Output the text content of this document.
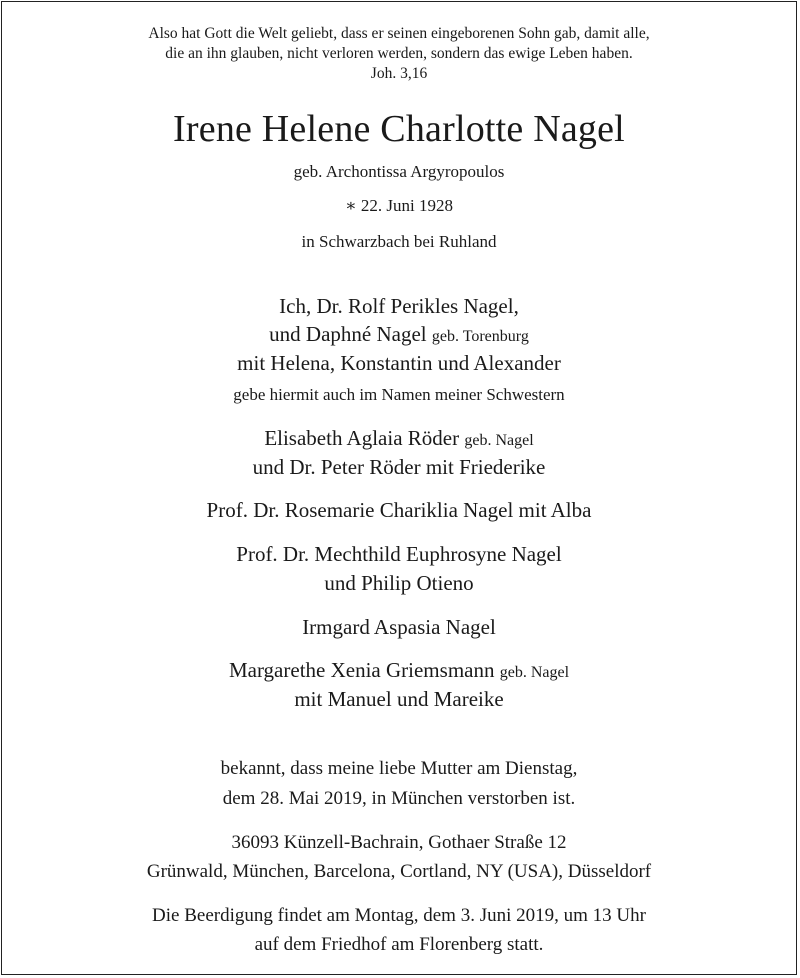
Also hat Gott die Welt geliebt, dass er seinen eingeborenen Sohn gab, damit alle,
die an ihn glauben, nicht verloren werden, sondern das ewige Leben haben.
Joh. 3,16
Irene Helene Charlotte Nagel
geb. Archontissa Argyropoulos
∗ 22. Juni 1928
in Schwarzbach bei Ruhland
Ich, Dr. Rolf Perikles Nagel,
und Daphné Nagel geb. Torenburg
mit Helena, Konstantin und Alexander
gebe hiermit auch im Namen meiner Schwestern
Elisabeth Aglaia Röder geb. Nagel
und Dr. Peter Röder mit Friederike
Prof. Dr. Rosemarie Chariklia Nagel mit Alba
Prof. Dr. Mechthild Euphrosyne Nagel
und Philip Otieno
Irmgard Aspasia Nagel
Margarethe Xenia Griemsmann geb. Nagel
mit Manuel und Mareike
bekannt, dass meine liebe Mutter am Dienstag,
dem 28. Mai 2019, in München verstorben ist.
36093 Künzell-Bachrain, Gothaer Straße 12
Grünwald, München, Barcelona, Cortland, NY (USA), Düsseldorf
Die Beerdigung findet am Montag, dem 3. Juni 2019, um 13 Uhr
auf dem Friedhof am Florenberg statt.
